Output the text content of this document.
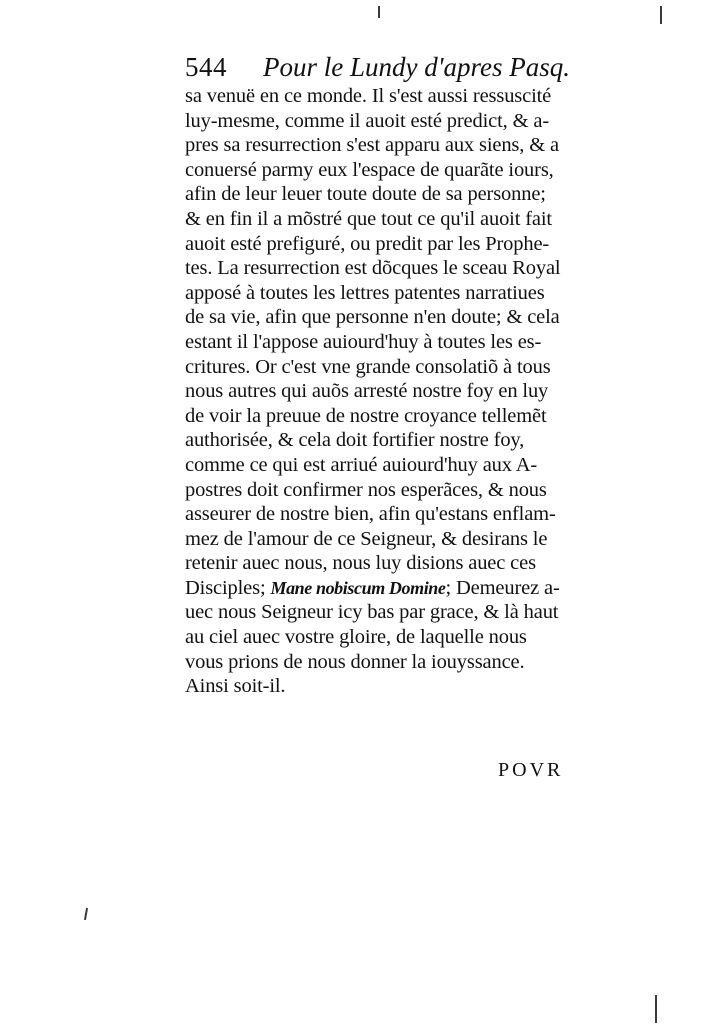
544 Pour le Lundy d'apres Pasq.
sa venuë en ce monde. Il s'est aussi ressuscité
luy-mesme, comme il auoit esté predict, & a-
pres sa resurrection s'est apparu aux siens, & a
conuersé parmy eux l'espace de quarãte iours,
afin de leur leuer toute doute de sa personne;
& en fin il a mõstré que tout ce qu'il auoit fait
auoit esté prefiguré, ou predit par les Prophe-
tes. La resurrection est dõcques le sceau Royal
apposé à toutes les lettres patentes narratiues
de sa vie, afin que personne n'en doute; & cela
estant il l'appose auiourd'huy à toutes les es-
critures. Or c'est vne grande consolatiõ à tous
nous autres qui auõs arresté nostre foy en luy
de voir la preuue de nostre croyance tellemẽt
authorisée, & cela doit fortifier nostre foy,
comme ce qui est arriué auiourd'huy aux A-
postres doit confirmer nos esperãces, & nous
asseurer de nostre bien, afin qu'estans enflam-
mez de l'amour de ce Seigneur, & desirans le
retenir auec nous, nous luy disions auec ces
Disciples; Mane nobiscum Domine; Demeurez a-
uec nous Seigneur icy bas par grace, & là haut
au ciel auec vostre gloire, de laquelle nous
vous prions de nous donner la iouyssance.
Ainsi soit-il.
POVR
